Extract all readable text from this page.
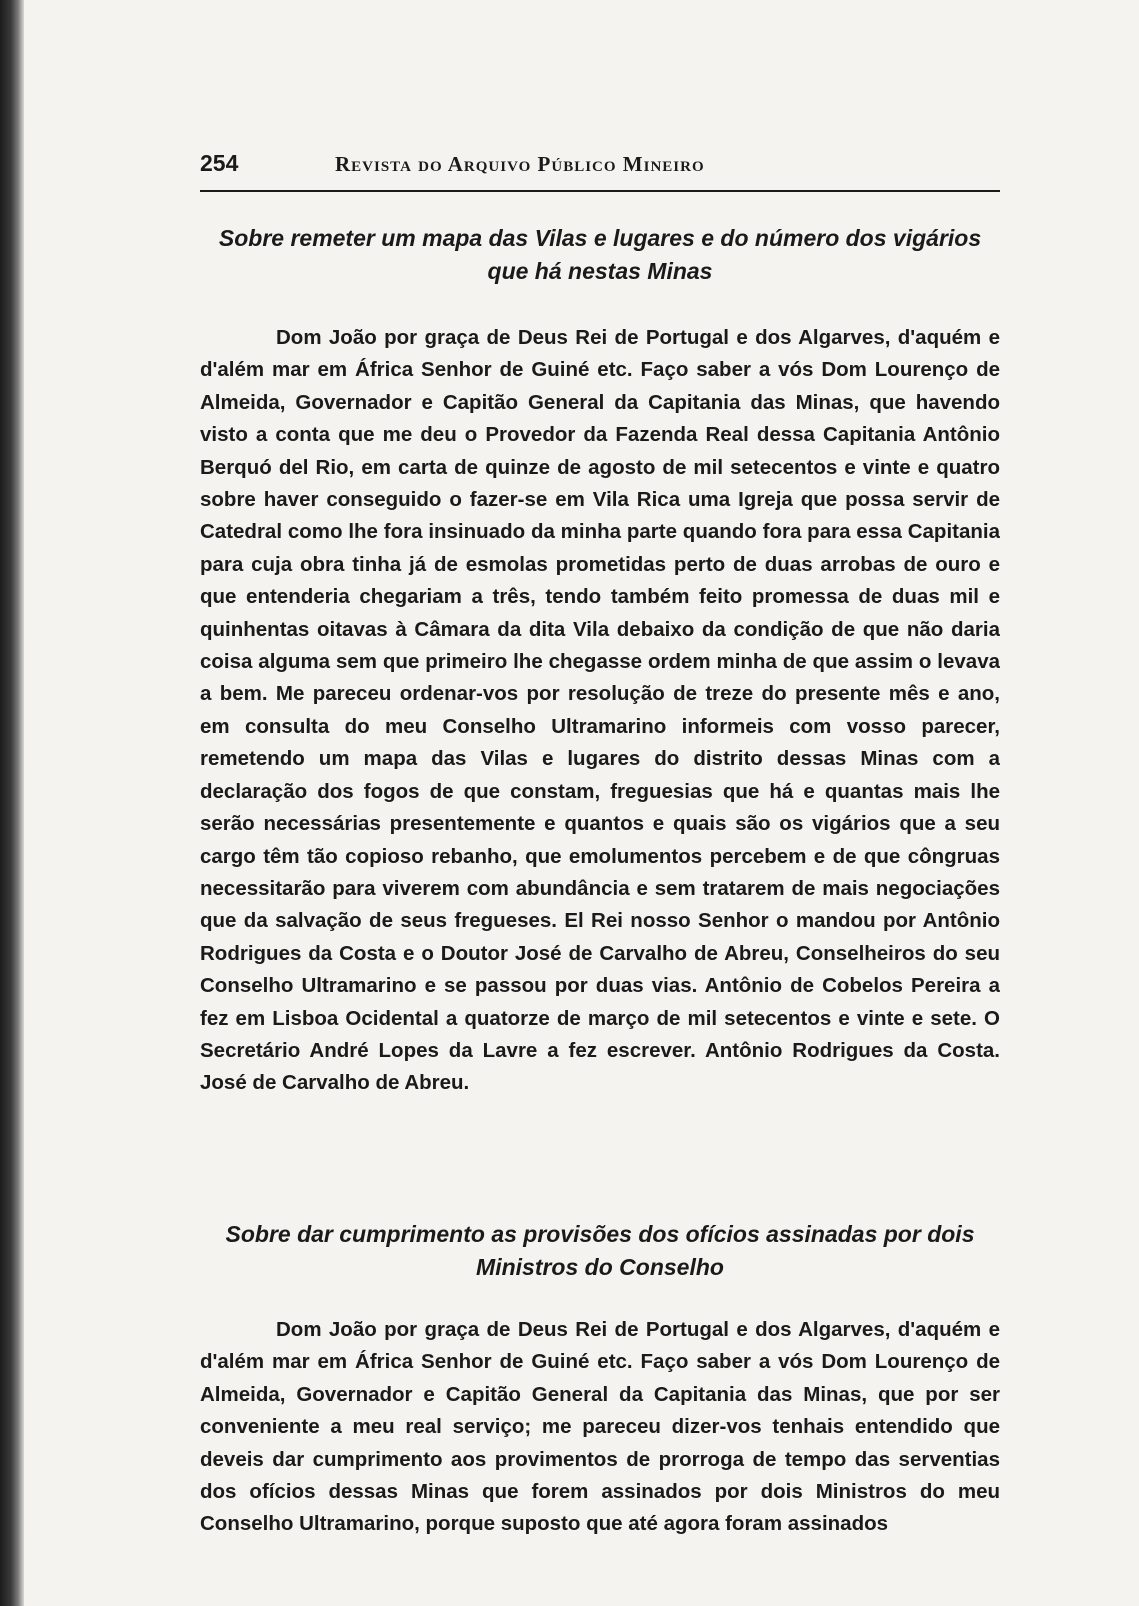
254	Revista do Arquivo Público Mineiro
Sobre remeter um mapa das Vilas e lugares e do número dos vigários que há nestas Minas

Dom João por graça de Deus Rei de Portugal e dos Algarves, d'aquém e d'além mar em África Senhor de Guiné etc. Faço saber a vós Dom Lourenço de Almeida, Governador e Capitão General da Capitania das Minas, que havendo visto a conta que me deu o Provedor da Fazenda Real dessa Capitania Antônio Berquó del Rio, em carta de quinze de agosto de mil setecentos e vinte e quatro sobre haver conseguido o fazer-se em Vila Rica uma Igreja que possa servir de Catedral como lhe fora insinuado da minha parte quando fora para essa Capitania para cuja obra tinha já de esmolas prometidas perto de duas arrobas de ouro e que entenderia chegariam a três, tendo também feito promessa de duas mil e quinhentas oitavas à Câmara da dita Vila debaixo da condição de que não daria coisa alguma sem que primeiro lhe chegasse ordem minha de que assim o levava a bem. Me pareceu ordenar-vos por resolução de treze do presente mês e ano, em consulta do meu Conselho Ultramarino informeis com vosso parecer, remetendo um mapa das Vilas e lugares do distrito dessas Minas com a declaração dos fogos de que constam, freguesias que há e quantas mais lhe serão necessárias presentemente e quantos e quais são os vigários que a seu cargo têm tão copioso rebanho, que emolumentos percebem e de que côngruas necessitarão para viverem com abundância e sem tratarem de mais negociações que da salvação de seus fregueses. El Rei nosso Senhor o mandou por Antônio Rodrigues da Costa e o Doutor José de Carvalho de Abreu, Conselheiros do seu Conselho Ultramarino e se passou por duas vias. Antônio de Cobelos Pereira a fez em Lisboa Ocidental a quatorze de março de mil setecentos e vinte e sete. O Secretário André Lopes da Lavre a fez escrever. Antônio Rodrigues da Costa. José de Carvalho de Abreu.

Sobre dar cumprimento as provisões dos ofícios assinadas por dois Ministros do Conselho

Dom João por graça de Deus Rei de Portugal e dos Algarves, d'aquém e d'além mar em África Senhor de Guiné etc. Faço saber a vós Dom Lourenço de Almeida, Governador e Capitão General da Capitania das Minas, que por ser conveniente a meu real serviço; me pareceu dizer-vos tenhais entendido que deveis dar cumprimento aos provimentos de prorroga de tempo das serventias dos ofícios dessas Minas que forem assinados por dois Ministros do meu Conselho Ultramarino, porque suposto que até agora foram assinados
